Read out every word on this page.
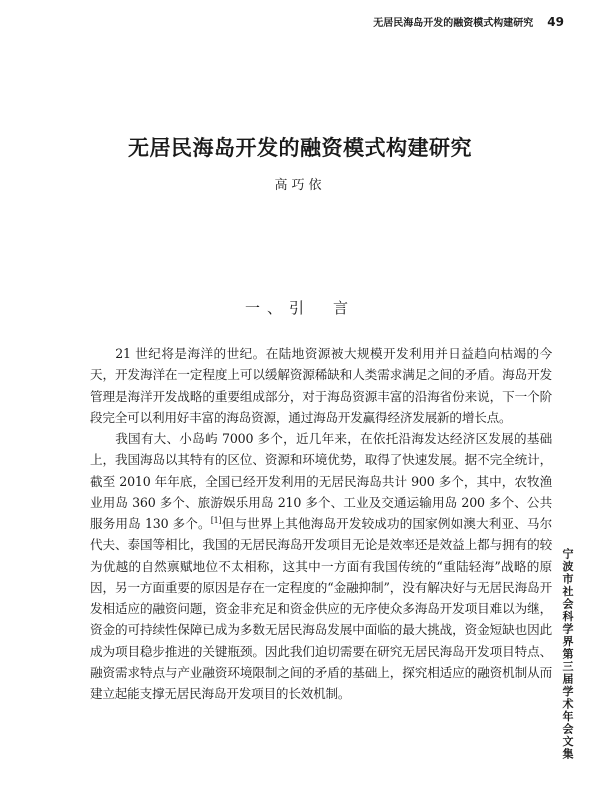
无居民海岛开发的融资模式构建研究 49
无居民海岛开发的融资模式构建研究
高巧依
一、引　言

21 世纪将是海洋的世纪。在陆地资源被大规模开发利用并日益趋向枯竭的今天，开发海洋在一定程度上可以缓解资源稀缺和人类需求满足之间的矛盾。海岛开发管理是海洋开发战略的重要组成部分，对于海岛资源丰富的沿海省份来说，下一个阶段完全可以利用好丰富的海岛资源，通过海岛开发赢得经济发展新的增长点。

我国有大、小岛屿 7000 多个，近几年来，在依托沿海发达经济区发展的基础上，我国海岛以其特有的区位、资源和环境优势，取得了快速发展。据不完全统计，截至 2010 年年底，全国已经开发利用的无居民海岛共计 900 多个，其中，农牧渔业用岛 360 多个、旅游娱乐用岛 210 多个、工业及交通运输用岛 200 多个、公共服务用岛 130 多个。[1]但与世界上其他海岛开发较成功的国家例如澳大利亚、马尔代夫、泰国等相比，我国的无居民海岛开发项目无论是效率还是效益上都与拥有的较为优越的自然禀赋地位不太相称，这其中一方面有我国传统的“重陆轻海”战略的原因，另一方面重要的原因是存在一定程度的“金融抑制”，没有解决好与无居民海岛开发相适应的融资问题，资金非充足和资金供应的无序使众多海岛开发项目难以为继，资金的可持续性保障已成为多数无居民海岛发展中面临的最大挑战，资金短缺也因此成为项目稳步推进的关键瓶颈。因此我们迫切需要在研究无居民海岛开发项目特点、融资需求特点与产业融资环境限制之间的矛盾的基础上，探究相适应的融资机制从而建立起能支撑无居民海岛开发项目的长效机制。	宁波市社会科学界第三届学术年会文集
